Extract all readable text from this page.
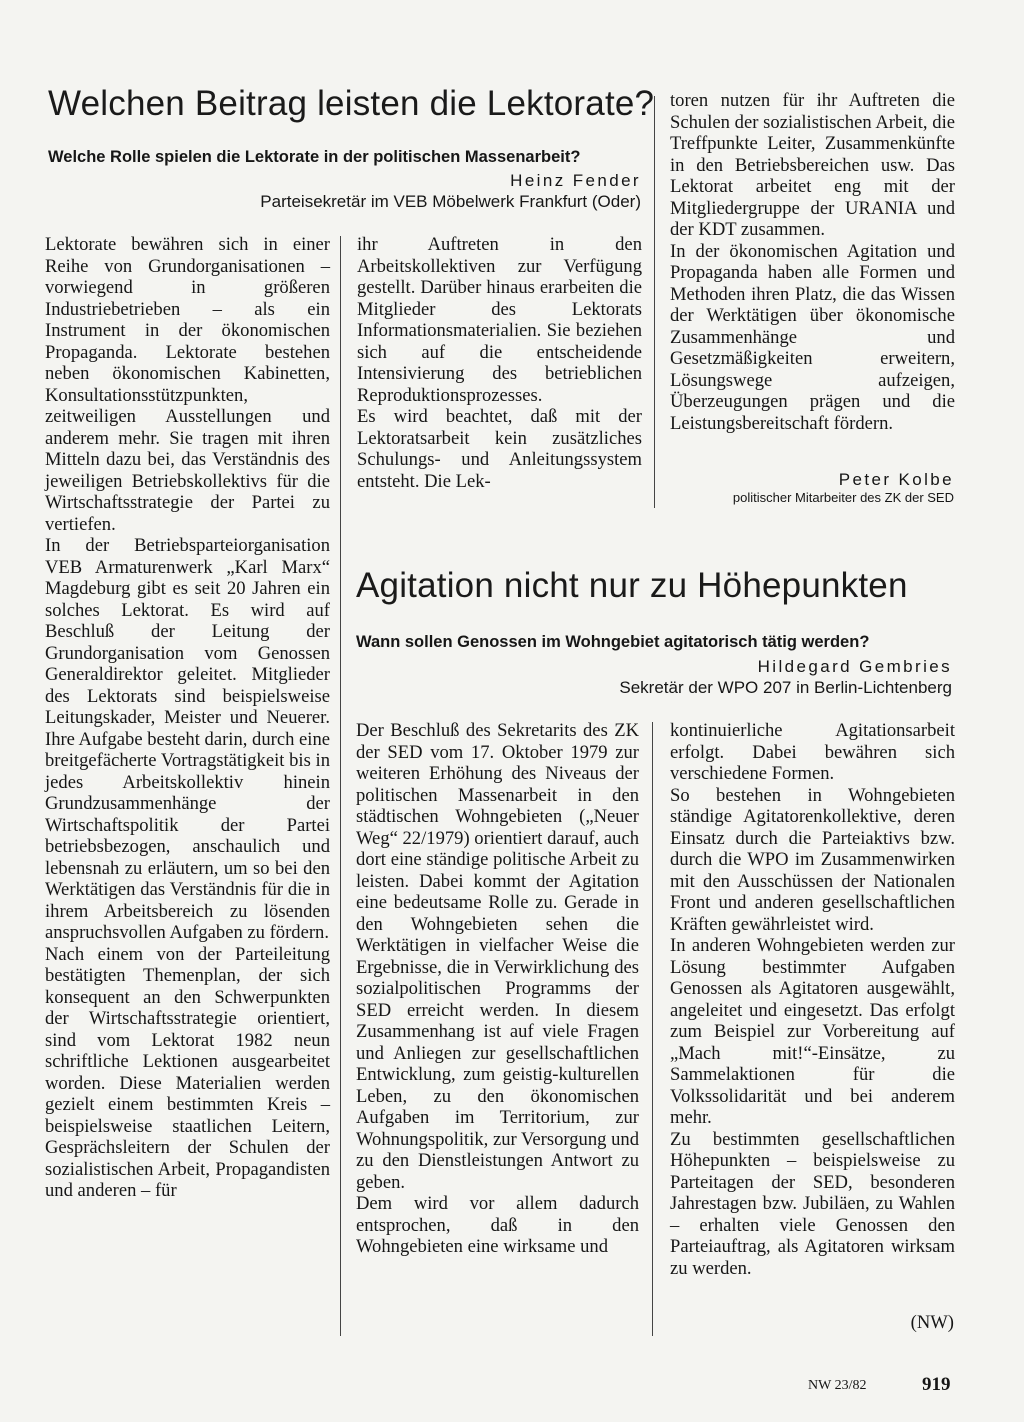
Welchen Beitrag leisten die Lektorate?
Welche Rolle spielen die Lektorate in der politischen Massenarbeit?
Heinz Fender
Parteisekretär im VEB Möbelwerk Frankfurt (Oder)

Lektorate bewähren sich in einer Reihe von Grundorganisationen – vorwiegend in größeren Industriebetrieben – als ein Instrument in der ökonomischen Propaganda. Lektorate bestehen neben ökonomischen Kabinetten, Konsultationsstützpunkten, zeitweiligen Ausstellungen und anderem mehr. Sie tragen mit ihren Mitteln dazu bei, das Verständnis des jeweiligen Betriebskollektivs für die Wirtschaftsstrategie der Partei zu vertiefen.

In der Betriebsparteiorganisation VEB Armaturenwerk „Karl Marx“ Magdeburg gibt es seit 20 Jahren ein solches Lektorat. Es wird auf Beschluß der Leitung der Grundorganisation vom Genossen Generaldirektor geleitet. Mitglieder des Lektorats sind beispielsweise Leitungskader, Meister und Neuerer. Ihre Aufgabe besteht darin, durch eine breitgefächerte Vortragstätigkeit bis in jedes Arbeitskollektiv hinein Grundzusammenhänge der Wirtschaftspolitik der Partei betriebsbezogen, anschaulich und lebensnah zu erläutern, um so bei den Werktätigen das Verständnis für die in ihrem Arbeitsbereich zu lösenden anspruchsvollen Aufgaben zu fördern.

Nach einem von der Parteileitung bestätigten Themenplan, der sich konsequent an den Schwerpunkten der Wirtschaftsstrategie orientiert, sind vom Lektorat 1982 neun schriftliche Lektionen ausgearbeitet worden. Diese Materialien werden gezielt einem bestimmten Kreis – beispielsweise staatlichen Leitern, Gesprächsleitern der Schulen der sozialistischen Arbeit, Propagandisten und anderen – für

ihr Auftreten in den Arbeitskollektiven zur Verfügung gestellt. Darüber hinaus erarbeiten die Mitglieder des Lektorats Informationsmaterialien. Sie beziehen sich auf die entscheidende Intensivierung des betrieblichen Reproduktionsprozesses.

Es wird beachtet, daß mit der Lektoratsarbeit kein zusätzliches Schulungs- und Anleitungssystem entsteht. Die Lek-

toren nutzen für ihr Auftreten die Schulen der sozialistischen Arbeit, die Treffpunkte Leiter, Zusammenkünfte in den Betriebsbereichen usw. Das Lektorat arbeitet eng mit der Mitgliedergruppe der URANIA und der KDT zusammen.

In der ökonomischen Agitation und Propaganda haben alle Formen und Methoden ihren Platz, die das Wissen der Werktätigen über ökonomische Zusammenhänge und Gesetzmäßigkeiten erweitern, Lösungswege aufzeigen, Überzeugungen prägen und die Leistungsbereitschaft fördern.

Peter Kolbe
politischer Mitarbeiter des ZK der SED
Agitation nicht nur zu Höhepunkten
Wann sollen Genossen im Wohngebiet agitatorisch tätig werden?
Hildegard Gembries
Sekretär der WPO 207 in Berlin-Lichtenberg

Der Beschluß des Sekretarits des ZK der SED vom 17. Oktober 1979 zur weiteren Erhöhung des Niveaus der politischen Massenarbeit in den städtischen Wohngebieten („Neuer Weg“ 22/1979) orientiert darauf, auch dort eine ständige politische Arbeit zu leisten. Dabei kommt der Agitation eine bedeutsame Rolle zu. Gerade in den Wohngebieten sehen die Werktätigen in vielfacher Weise die Ergebnisse, die in Verwirklichung des sozialpolitischen Programms der SED erreicht werden. In diesem Zusammenhang ist auf viele Fragen und Anliegen zur gesellschaftlichen Entwicklung, zum geistig-kulturellen Leben, zu den ökonomischen Aufgaben im Territorium, zur Wohnungspolitik, zur Versorgung und zu den Dienstleistungen Antwort zu geben.

Dem wird vor allem dadurch entsprochen, daß in den Wohngebieten eine wirksame und

kontinuierliche Agitationsarbeit erfolgt. Dabei bewähren sich verschiedene Formen.

So bestehen in Wohngebieten ständige Agitatorenkollektive, deren Einsatz durch die Parteiaktivs bzw. durch die WPO im Zusammenwirken mit den Ausschüssen der Nationalen Front und anderen gesellschaftlichen Kräften gewährleistet wird.

In anderen Wohngebieten werden zur Lösung bestimmter Aufgaben Genossen als Agitatoren ausgewählt, angeleitet und eingesetzt. Das erfolgt zum Beispiel zur Vorbereitung auf „Mach mit!“-Einsätze, zu Sammelaktionen für die Volkssolidarität und bei anderem mehr.

Zu bestimmten gesellschaftlichen Höhepunkten – beispielsweise zu Parteitagen der SED, besonderen Jahrestagen bzw. Jubiläen, zu Wahlen – erhalten viele Genossen den Parteiauftrag, als Agitatoren wirksam zu werden.

(NW)
NW 23/82	919
